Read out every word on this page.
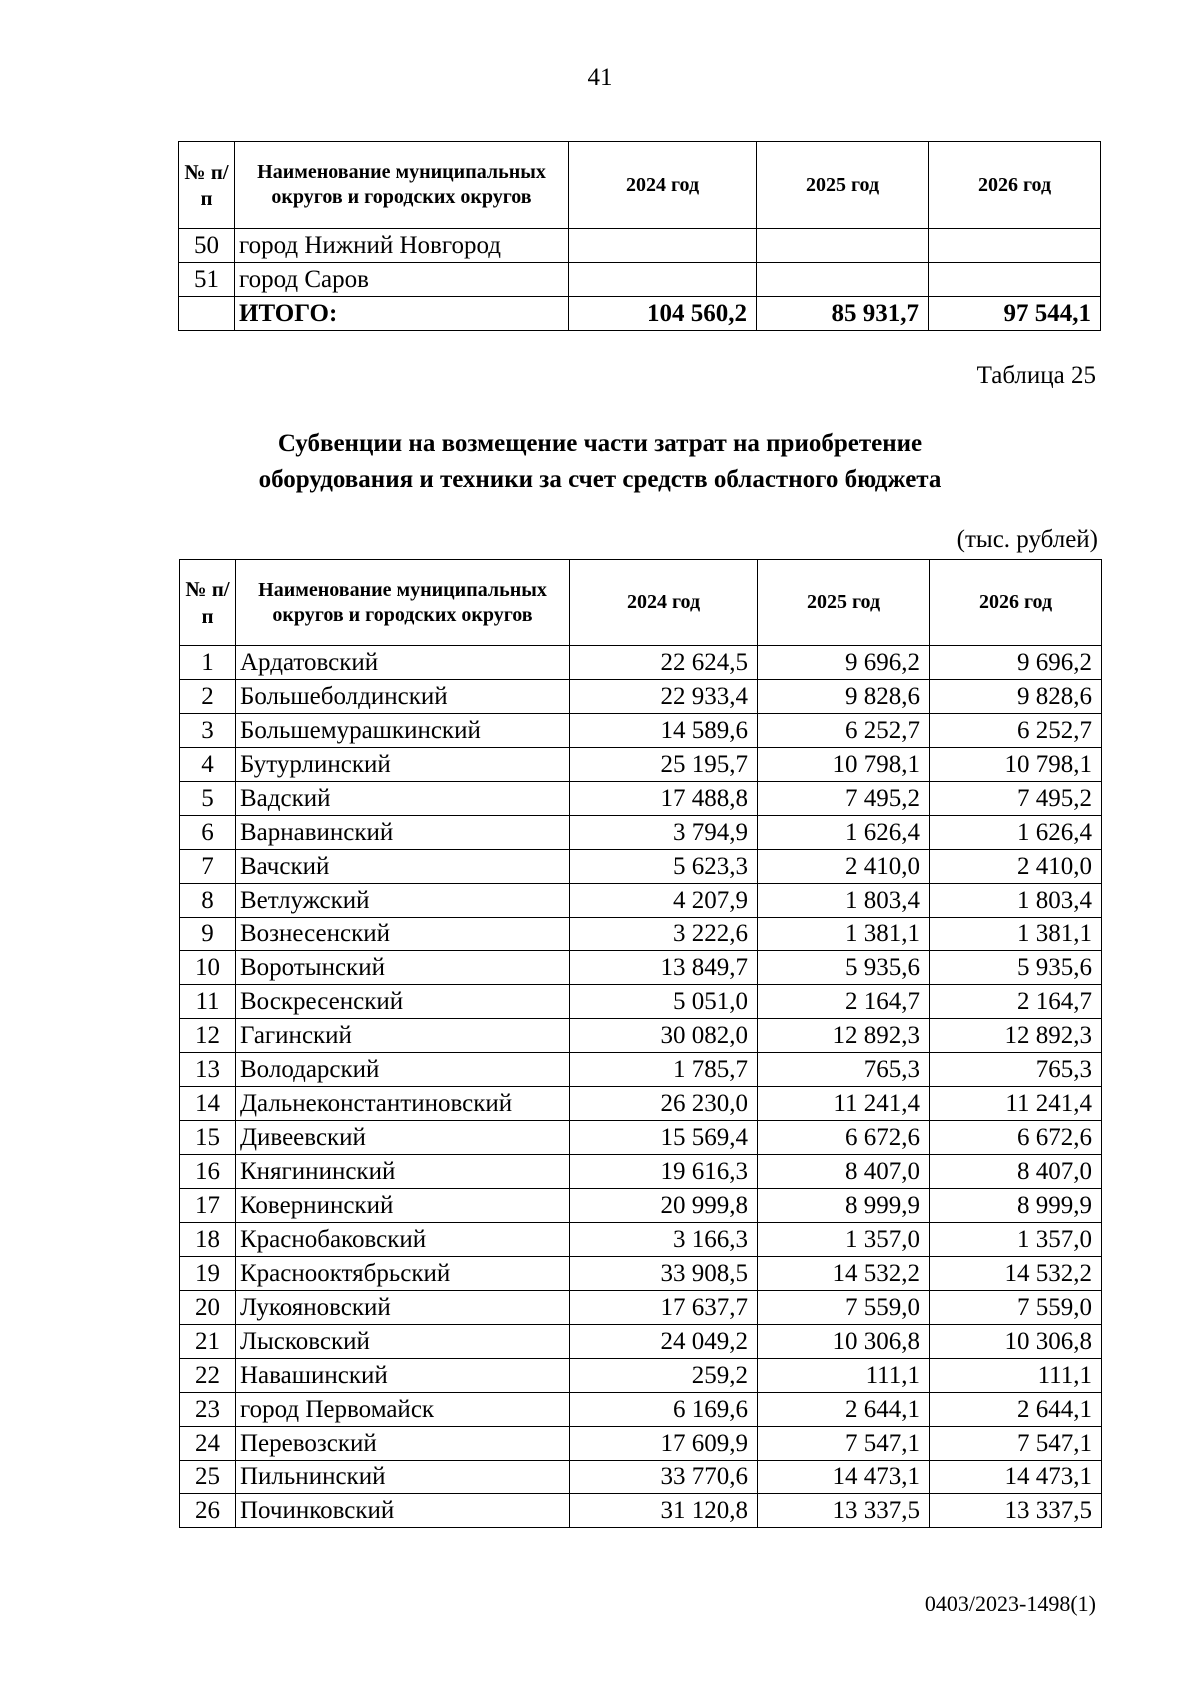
41
№ п/п	Наименование муниципальных округов и городских округов	2024 год	2025 год	2026 год
50	город Нижний Новгород			
51	город Саров			
	ИТОГО:	104 560,2	85 931,7	97 544,1
Таблица 25
Субвенции на возмещение части затрат на приобретение
оборудования и техники за счет средств областного бюджета
(тыс. рублей)
№ п/п	Наименование муниципальных округов и городских округов	2024 год	2025 год	2026 год
1	Ардатовский	22 624,5	9 696,2	9 696,2
2	Большеболдинский	22 933,4	9 828,6	9 828,6
3	Большемурашкинский	14 589,6	6 252,7	6 252,7
4	Бутурлинский	25 195,7	10 798,1	10 798,1
5	Вадский	17 488,8	7 495,2	7 495,2
6	Варнавинский	3 794,9	1 626,4	1 626,4
7	Вачский	5 623,3	2 410,0	2 410,0
8	Ветлужский	4 207,9	1 803,4	1 803,4
9	Вознесенский	3 222,6	1 381,1	1 381,1
10	Воротынский	13 849,7	5 935,6	5 935,6
11	Воскресенский	5 051,0	2 164,7	2 164,7
12	Гагинский	30 082,0	12 892,3	12 892,3
13	Володарский	1 785,7	765,3	765,3
14	Дальнеконстантиновский	26 230,0	11 241,4	11 241,4
15	Дивеевский	15 569,4	6 672,6	6 672,6
16	Княгининский	19 616,3	8 407,0	8 407,0
17	Ковернинский	20 999,8	8 999,9	8 999,9
18	Краснобаковский	3 166,3	1 357,0	1 357,0
19	Краснооктябрьский	33 908,5	14 532,2	14 532,2
20	Лукояновский	17 637,7	7 559,0	7 559,0
21	Лысковский	24 049,2	10 306,8	10 306,8
22	Навашинский	259,2	111,1	111,1
23	город Первомайск	6 169,6	2 644,1	2 644,1
24	Перевозский	17 609,9	7 547,1	7 547,1
25	Пильнинский	33 770,6	14 473,1	14 473,1
26	Починковский	31 120,8	13 337,5	13 337,5
0403/2023-1498(1)
